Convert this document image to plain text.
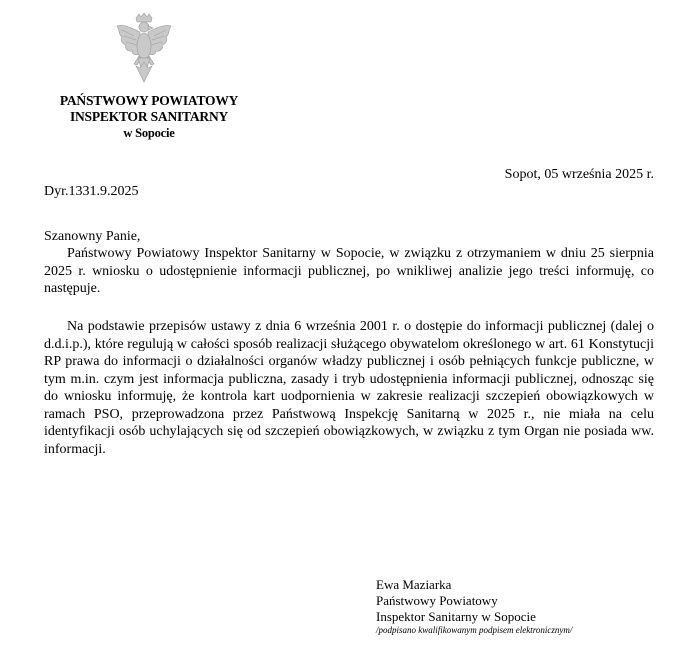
PAŃSTWOWY POWIATOWY
INSPEKTOR SANITARNY
w Sopocie
Sopot, 05 września 2025 r.
Dyr.1331.9.2025
Szanowny Panie,

Państwowy Powiatowy Inspektor Sanitarny w Sopocie, w związku z otrzymaniem w dniu 25 sierpnia 2025 r. wniosku o udostępnienie informacji publicznej, po wnikliwej analizie jego treści informuję, co następuje.

Na podstawie przepisów ustawy z dnia 6 września 2001 r. o dostępie do informacji publicznej (dalej o d.d.i.p.), które regulują w całości sposób realizacji służącego obywatelom określonego w art. 61 Konstytucji RP prawa do informacji o działalności organów władzy publicznej i osób pełniących funkcje publiczne, w tym m.in. czym jest informacja publiczna, zasady i tryb udostępnienia informacji publicznej, odnosząc się do wniosku informuję, że kontrola kart uodpornienia w zakresie realizacji szczepień obowiązkowych w ramach PSO, przeprowadzona przez Państwową Inspekcję Sanitarną w 2025 r., nie miała na celu identyfikacji osób uchylających się od szczepień obowiązkowych, w związku z tym Organ nie posiada ww. informacji.

Ewa Maziarka
Państwowy Powiatowy
Inspektor Sanitarny w Sopocie
/podpisano kwalifikowanym podpisem elektronicznym/
